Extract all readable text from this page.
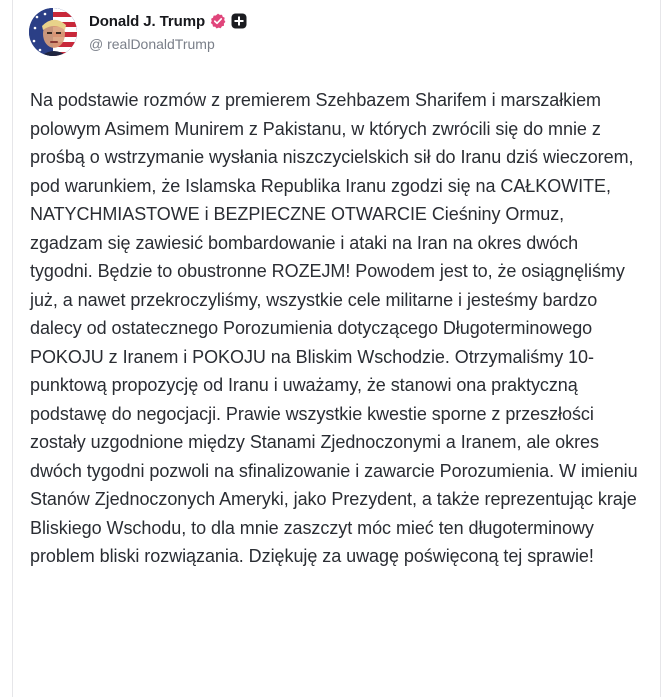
Donald J. Trump
@ realDonaldTrump

Na podstawie rozmów z premierem Szehbazem Sharifem i marszałkiem polowym Asimem Munirem z Pakistanu, w których zwrócili się do mnie z prośbą o wstrzymanie wysłania niszczycielskich sił do Iranu dziś wieczorem, pod warunkiem, że Islamska Republika Iranu zgodzi się na CAŁKOWITE, NATYCHMIASTOWE i BEZPIECZNE OTWARCIE Cieśniny Ormuz, zgadzam się zawiesić bombardowanie i ataki na Iran na okres dwóch tygodni. Będzie to obustronne ROZEJM! Powodem jest to, że osiągnęliśmy już, a nawet przekroczyliśmy, wszystkie cele militarne i jesteśmy bardzo dalecy od ostatecznego Porozumienia dotyczącego Długoterminowego POKOJU z Iranem i POKOJU na Bliskim Wschodzie. Otrzymaliśmy 10-punktową propozycję od Iranu i uważamy, że stanowi ona praktyczną podstawę do negocjacji. Prawie wszystkie kwestie sporne z przeszłości zostały uzgodnione między Stanami Zjednoczonymi a Iranem, ale okres dwóch tygodni pozwoli na sfinalizowanie i zawarcie Porozumienia. W imieniu Stanów Zjednoczonych Ameryki, jako Prezydent, a także reprezentując kraje Bliskiego Wschodu, to dla mnie zaszczyt móc mieć ten długoterminowy problem bliski rozwiązania. Dziękuję za uwagę poświęconą tej sprawie!
